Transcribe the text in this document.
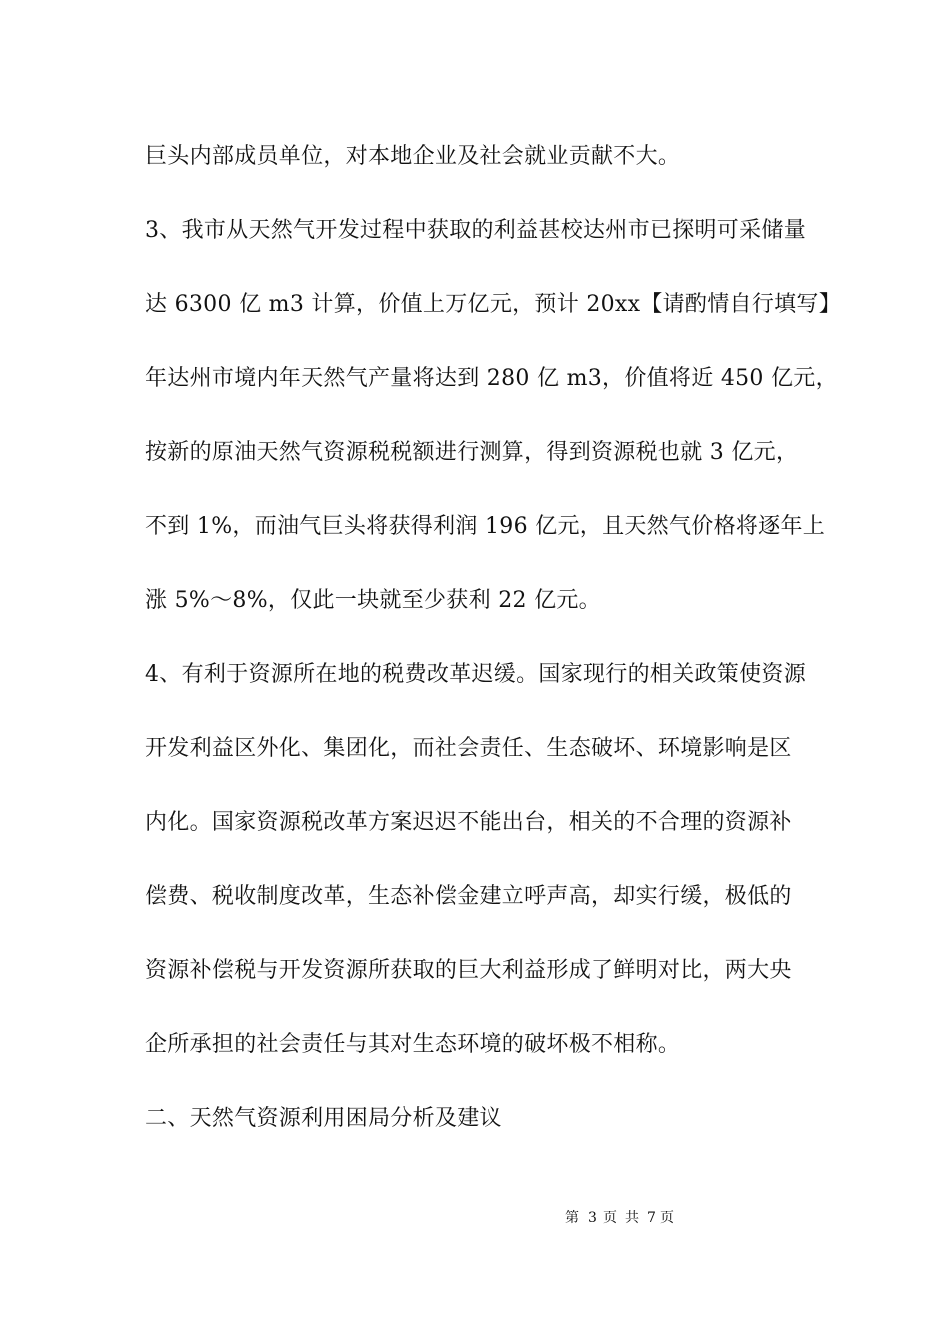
巨头内部成员单位，对本地企业及社会就业贡献不大。
3、我市从天然气开发过程中获取的利益甚校达州市已探明可采储量
达 6300 亿 m3 计算，价值上万亿元，预计 20xx【请酌情自行填写】
年达州市境内年天然气产量将达到 280 亿 m3，价值将近 450 亿元，
按新的原油天然气资源税税额进行测算，得到资源税也就 3 亿元，
不到 1%，而油气巨头将获得利润 196 亿元，且天然气价格将逐年上
涨 5%～8%，仅此一块就至少获利 22 亿元。
4、有利于资源所在地的税费改革迟缓。国家现行的相关政策使资源
开发利益区外化、集团化，而社会责任、生态破坏、环境影响是区
内化。国家资源税改革方案迟迟不能出台，相关的不合理的资源补
偿费、税收制度改革，生态补偿金建立呼声高，却实行缓，极低的
资源补偿税与开发资源所获取的巨大利益形成了鲜明对比，两大央
企所承担的社会责任与其对生态环境的破坏极不相称。
二、天然气资源利用困局分析及建议
第 3 页 共 7 页
